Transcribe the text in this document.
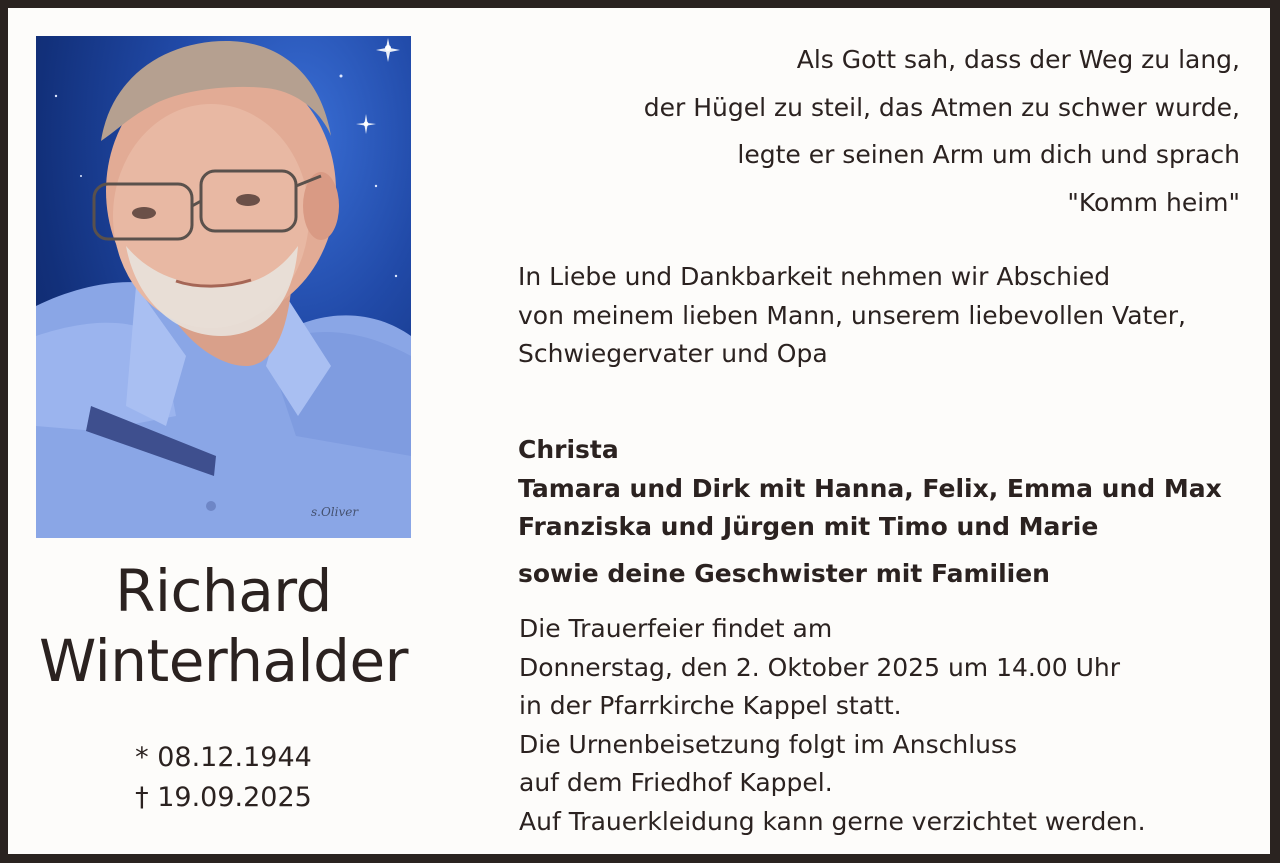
s.Oliver
Richard
Winterhalder
* 08.12.1944
† 19.09.2025
Als Gott sah, dass der Weg zu lang,
der Hügel zu steil, das Atmen zu schwer wurde,
legte er seinen Arm um dich und sprach
"Komm heim"
In Liebe und Dankbarkeit nehmen wir Abschied
von meinem lieben Mann, unserem liebevollen Vater,
Schwiegervater und Opa
Christa
Tamara und Dirk mit Hanna, Felix, Emma und Max
Franziska und Jürgen mit Timo und Marie
sowie deine Geschwister mit Familien
Die Trauerfeier findet am
Donnerstag, den 2. Oktober 2025 um 14.00 Uhr
in der Pfarrkirche Kappel statt.
Die Urnenbeisetzung folgt im Anschluss
auf dem Friedhof Kappel.
Auf Trauerkleidung kann gerne verzichtet werden.
